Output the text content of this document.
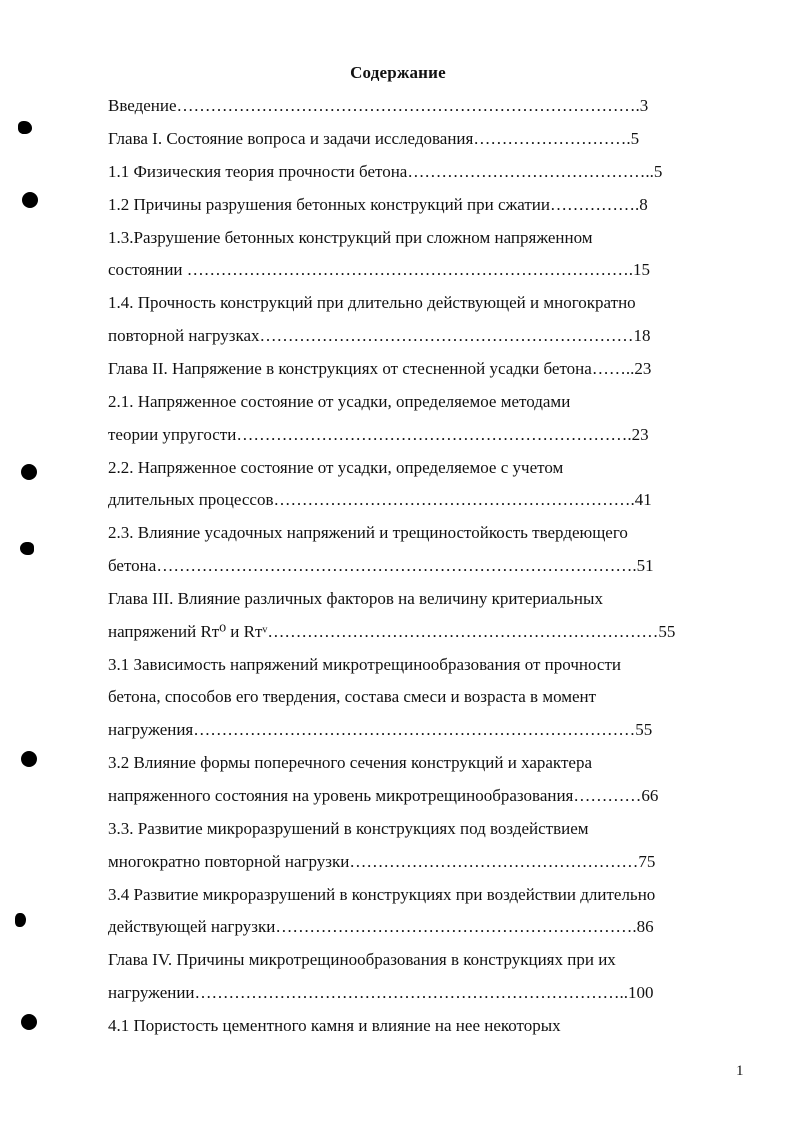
Содержание
Введение……………………………………………………………………….3
Глава I. Состояние вопроса и задачи исследования……………………….5
1.1 Физическия теория прочности бетона……………………………………..5
1.2 Причины разрушения бетонных конструкций при сжатии…………….8
1.3.Разрушение бетонных конструкций при сложном напряженном
состоянии …………………………………………………………………….15
1.4. Прочность конструкций при длительно действующей и многократно
повторной нагрузках…………………………………………………………18
Глава II. Напряжение в конструкциях от стесненной усадки бетона……..23
2.1. Напряженное состояние от усадки, определяемое методами
теории упругости…………………………………………………………….23
2.2. Напряженное состояние от усадки, определяемое с учетом
длительных процессов……………………………………………………….41
2.3. Влияние усадочных напряжений и трещиностойкость твердеющего
бетона………………………………………………………………………….51
Глава III. Влияние различных факторов на величину критериальных
напряжений Rт⁰ и Rтᵛ……………………………………………………………55
3.1 Зависимость напряжений микротрещинообразования от прочности
бетона, способов его твердения, состава смеси и возраста в момент
нагружения……………………………………………………………………55
3.2 Влияние формы поперечного сечения конструкций и характера
напряженного состояния на уровень микротрещинообразования…………66
3.3. Развитие микроразрушений в конструкциях под воздействием
многократно повторной нагрузки……………………………………………75
3.4 Развитие микроразрушений в конструкциях при воздействии длительно
действующей нагрузки……………………………………………………….86
Глава IV. Причины микротрещинообразования в конструкциях при их
нагружении…………………………………………………………………..100
4.1 Пористость цементного камня и влияние на нее некоторых
1
